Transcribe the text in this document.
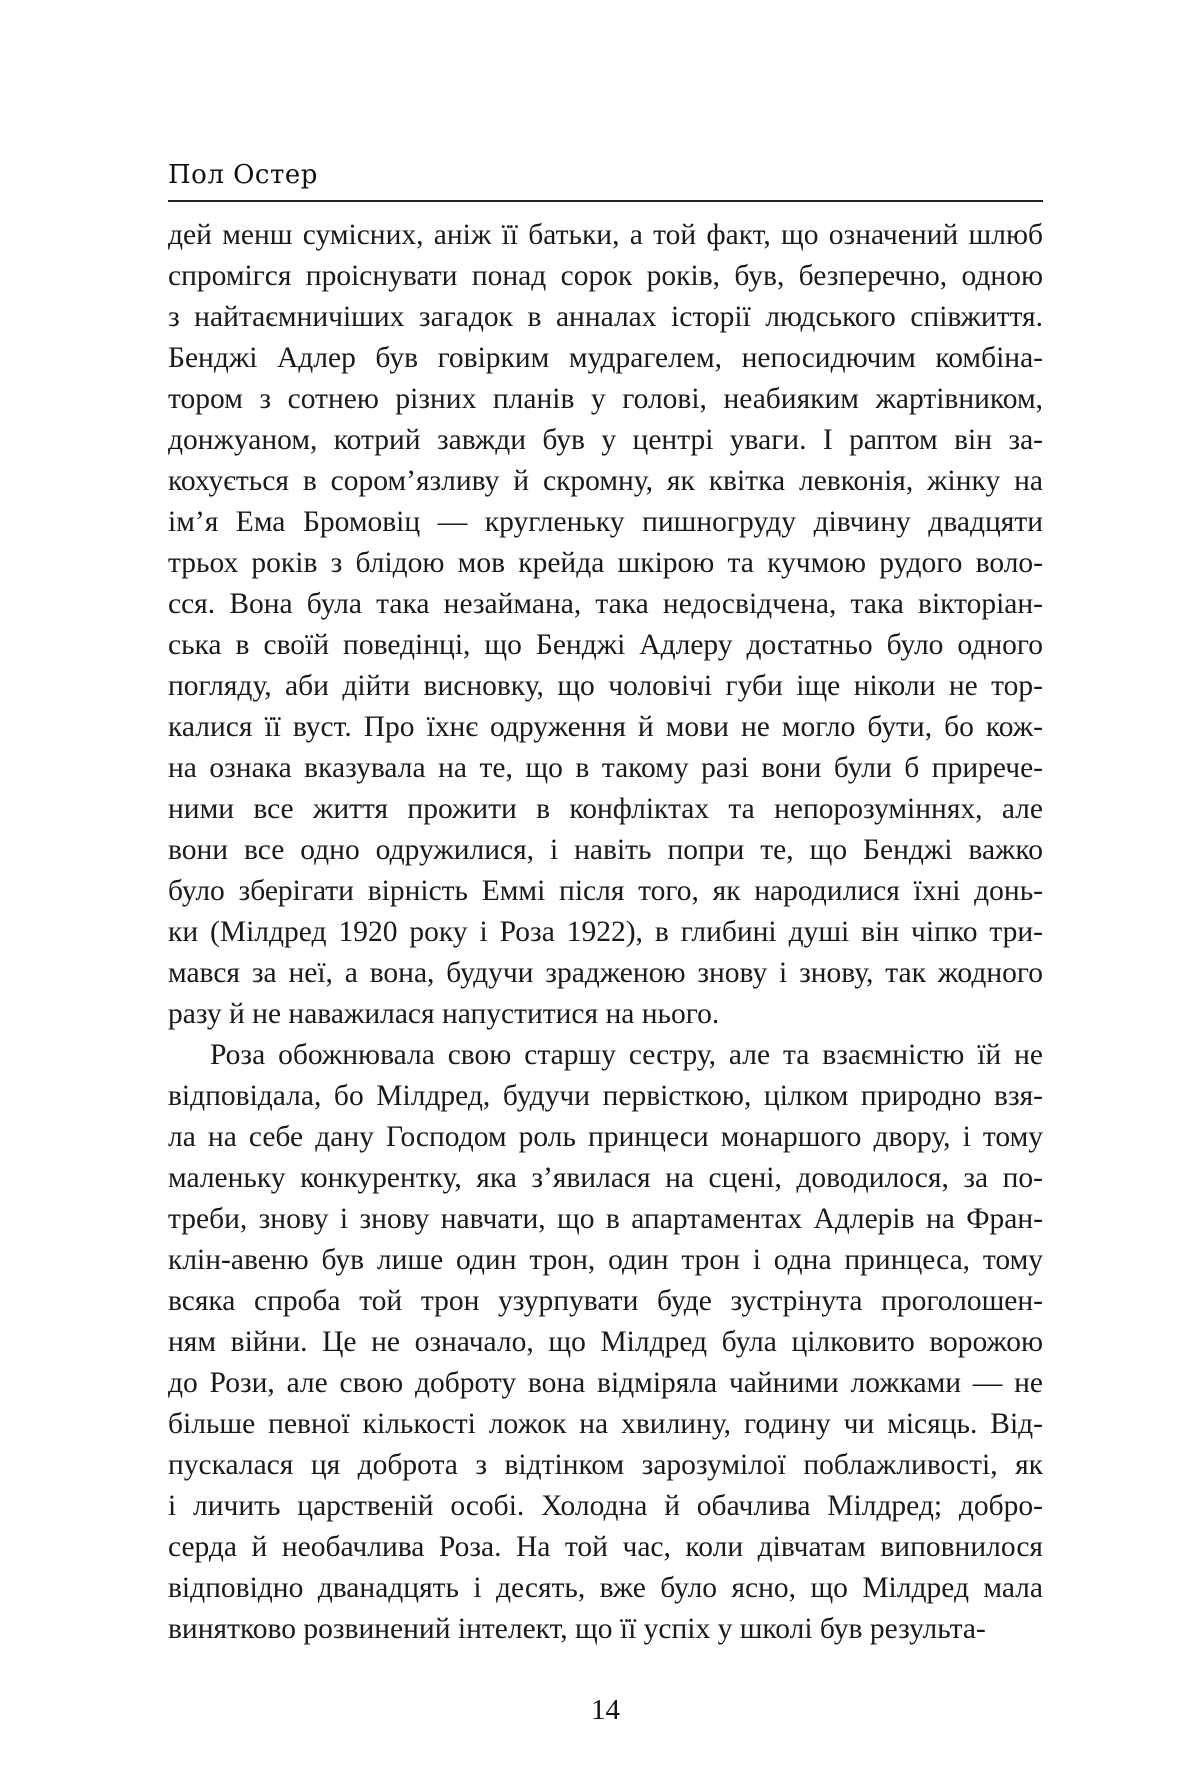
Пол Остер
дей менш сумісних, аніж її батьки, а той факт, що означений шлюб
спромігся проіснувати понад сорок років, був, безперечно, одною
з найтаємничіших загадок в анналах історії людського співжиття.
Бенджі Адлер був говірким мудрагелем, непосидючим комбіна-
тором з сотнею різних планів у голові, неабияким жартівником,
донжуаном, котрий завжди був у центрі уваги. І раптом він за-
кохується в сором’язливу й скромну, як квітка левконія, жінку на
ім’я Ема Бромовіц — кругленьку пишногруду дівчину двадцяти
трьох років з блідою мов крейда шкірою та кучмою рудого воло-
сся. Вона була така незаймана, така недосвідчена, така вікторіан-
ська в своїй поведінці, що Бенджі Адлеру достатньо було одного
погляду, аби дійти висновку, що чоловічі губи іще ніколи не тор-
калися її вуст. Про їхнє одруження й мови не могло бути, бо кож-
на ознака вказувала на те, що в такому разі вони були б прирече-
ними все життя прожити в конфліктах та непорозуміннях, але
вони все одно одружилися, і навіть попри те, що Бенджі важко
було зберігати вірність Еммі після того, як народилися їхні донь-
ки (Мілдред 1920 року і Роза 1922), в глибині душі він чіпко три-
мався за неї, а вона, будучи зрадженою знову і знову, так жодного
разу й не наважилася напуститися на нього.
Роза обожнювала свою старшу сестру, але та взаємністю їй не
відповідала, бо Мілдред, будучи первісткою, цілком природно взя-
ла на себе дану Господом роль принцеси монаршого двору, і тому
маленьку конкурентку, яка з’явилася на сцені, доводилося, за по-
треби, знову і знову навчати, що в апартаментах Адлерів на Фран-
клін-авеню був лише один трон, один трон і одна принцеса, тому
всяка спроба той трон узурпувати буде зустрінута проголошен-
ням війни. Це не означало, що Мілдред була цілковито ворожою
до Рози, але свою доброту вона відміряла чайними ложками — не
більше певної кількості ложок на хвилину, годину чи місяць. Від-
пускалася ця доброта з відтінком зарозумілої поблажливості, як
і личить царственій особі. Холодна й обачлива Мілдред; добро-
серда й необачлива Роза. На той час, коли дівчатам виповнилося
відповідно дванадцять і десять, вже було ясно, що Мілдред мала
винятково розвинений інтелект, що її успіх у школі був результа-
14
